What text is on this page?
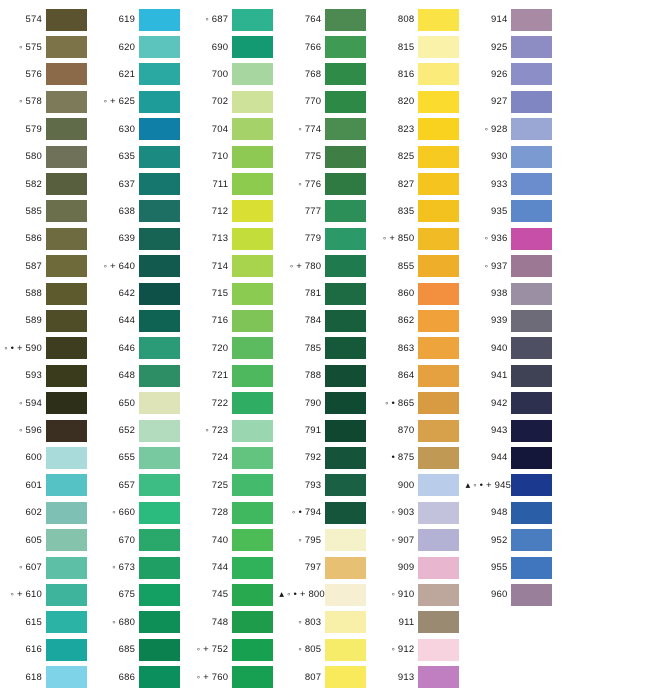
574
◦ 575
576
◦ 578
579
580
582
585
586
587
588
589
◦ • + 590
593
◦ 594
◦ 596
600
601
602
605
◦ 607
◦ + 610
615
616
618
619
620
621
◦ + 625
630
635
637
638
639
◦ + 640
642
644
646
648
650
652
655
657
◦ 660
670
◦ 673
675
◦ 680
685
686
◦ 687
690
700
702
704
710
711
712
713
714
715
716
720
721
722
◦ 723
724
725
728
740
744
745
748
◦ + 752
◦ + 760
764
766
768
770
◦ 774
775
◦ 776
777
779
◦ + 780
781
784
785
788
790
791
792
793
◦ • 794
◦ 795
797
▴ ◦ • + 800
◦ 803
◦ 805
807
808
815
816
820
823
825
827
835
◦ + 850
855
860
862
863
864
◦ • 865
870
• 875
900
◦ 903
◦ 907
909
◦ 910
911
◦ 912
913
914
925
926
927
◦ 928
930
933
935
◦ 936
◦ 937
938
939
940
941
942
943
944
▴ ◦ • + 945
948
952
955
960
